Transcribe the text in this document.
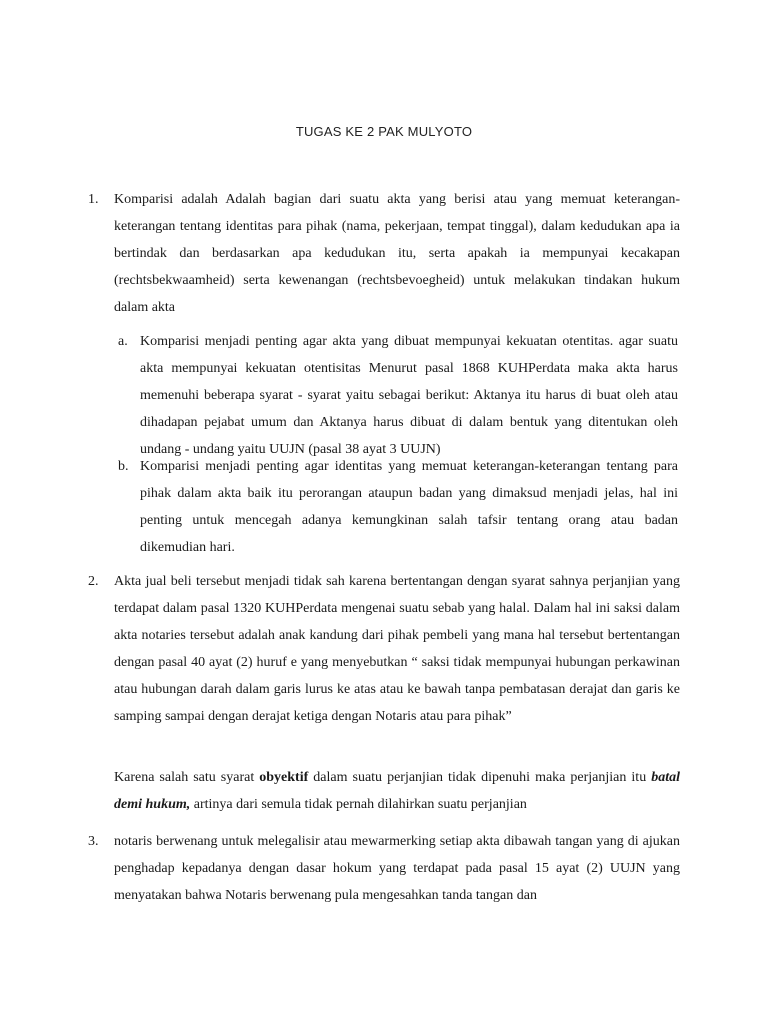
TUGAS KE 2 PAK MULYOTO
1. Komparisi adalah Adalah bagian dari suatu akta yang berisi atau yang memuat keterangan-keterangan tentang identitas para pihak (nama, pekerjaan, tempat tinggal), dalam kedudukan apa ia bertindak dan berdasarkan apa kedudukan itu, serta apakah ia mempunyai kecakapan (rechtsbekwaamheid) serta kewenangan (rechtsbevoegheid) untuk melakukan tindakan hukum dalam akta
a. Komparisi menjadi penting agar akta yang dibuat mempunyai kekuatan otentitas. agar suatu akta mempunyai kekuatan otentisitas Menurut pasal 1868 KUHPerdata maka akta harus memenuhi beberapa syarat - syarat yaitu sebagai berikut: Aktanya itu harus di buat oleh atau dihadapan pejabat umum dan Aktanya harus dibuat di dalam bentuk yang ditentukan oleh undang - undang yaitu UUJN (pasal 38 ayat 3 UUJN)
b. Komparisi menjadi penting agar identitas yang memuat keterangan-keterangan tentang para pihak dalam akta baik itu perorangan ataupun badan yang dimaksud menjadi jelas, hal ini penting untuk mencegah adanya kemungkinan salah tafsir tentang orang atau badan dikemudian hari.
2. Akta jual beli tersebut menjadi tidak sah karena bertentangan dengan syarat sahnya perjanjian yang terdapat dalam pasal 1320 KUHPerdata mengenai suatu sebab yang halal. Dalam hal ini saksi dalam akta notaries tersebut adalah anak kandung dari pihak pembeli yang mana hal tersebut bertentangan dengan pasal 40 ayat (2) huruf e yang menyebutkan “ saksi tidak mempunyai hubungan perkawinan atau hubungan darah dalam garis lurus ke atas atau ke bawah tanpa pembatasan derajat dan garis ke samping sampai dengan derajat ketiga dengan Notaris atau para pihak”
Karena salah satu syarat obyektif dalam suatu perjanjian tidak dipenuhi maka perjanjian itu batal demi hukum, artinya dari semula tidak pernah dilahirkan suatu perjanjian
3. notaris berwenang untuk melegalisir atau mewarmerking setiap akta dibawah tangan yang di ajukan penghadap kepadanya dengan dasar hokum yang terdapat pada pasal 15 ayat (2) UUJN yang menyatakan bahwa Notaris berwenang pula mengesahkan tanda tangan dan
